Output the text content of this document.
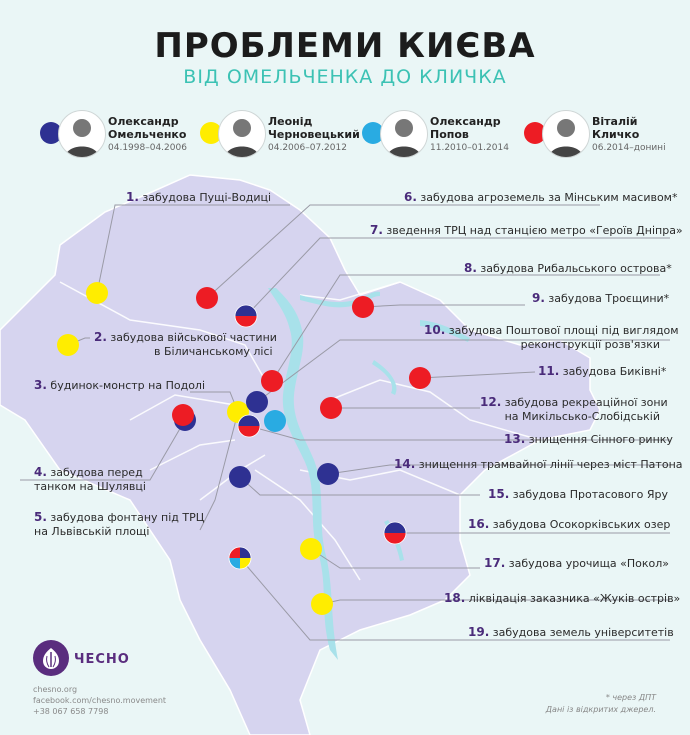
ПРОБЛЕМИ КИЄВА

ВІД ОМЕЛЬЧЕНКА ДО КЛИЧКА

Олександр
Омельченко
04.1998–04.2006
Леонід
Черновецький
04.2006–07.2012
Олександр
Попов
11.2010–01.2014
Віталій
Кличко
06.2014–донині
1. забудова Пущі-Водиці
2. забудова військової частини
в Біличанському лісі
3. будинок-монстр на Подолі
4. забудова перед
танком на Шулявці
5. забудова фонтану під ТРЦ
на Львівській площі
6. забудова агроземель за Мінським масивом*
7. зведення ТРЦ над станцією метро «Героїв Дніпра»
8. забудова Рибальського острова*
9. забудова Троєщини*
10. забудова Поштової площі під виглядом
реконструкції розв'язки
11. забудова Биківні*
12. забудова рекреаційної зони
на Микільсько-Слобідській
13. знищення Сінного ринку
14. знищення трамвайної лінії через міст Патона
15. забудова Протасового Яру
16. забудова Осокорківських озер
17. забудова урочища «Покол»
18. ліквідація заказника «Жуків острів»
19. забудова земель університетів
ЧЕСНО
chesno.org
facebook.com/chesno.movement
+38 067 658 7798
* через ДПТ
Дані із відкритих джерел.
